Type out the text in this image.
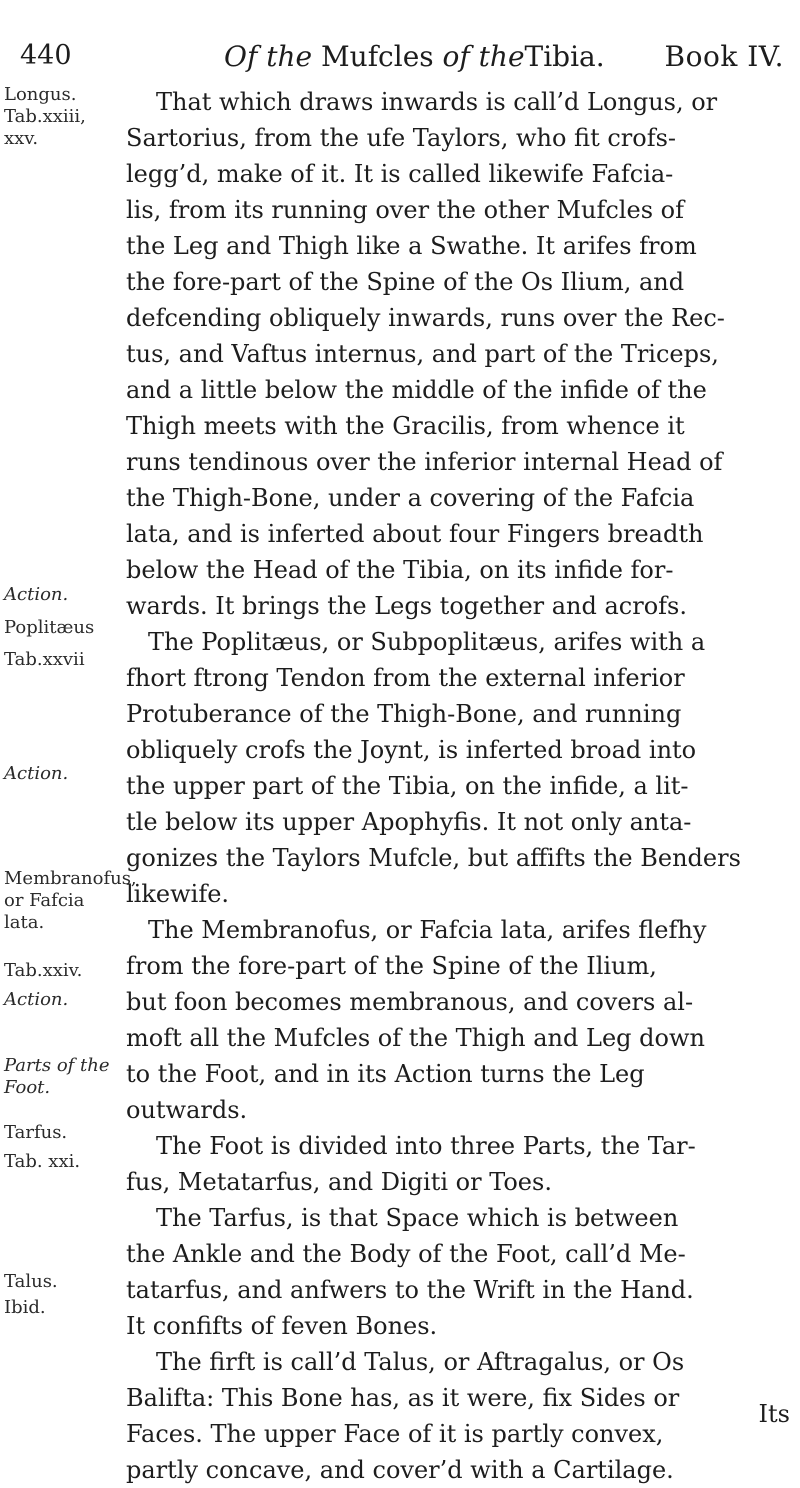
440	Of the Mufcles of theTibia. Book IV.
Longus.
Tab.xxiii, xxv.
Action.
Poplitæus
Tab.xxvii
Action.
Membranofus, or Fafcia lata.
Tab.xxiv.
Action.
Parts of the Foot.
Tarfus.
Tab. xxi.
Talus.
Ibid.
That which draws inwards is call’d Longus, or
Sartorius, from the ufe Taylors, who fit crofs-
legg’d, make of it. It is called likewife Fafcia-
lis, from its running over the other Mufcles of
the Leg and Thigh like a Swathe. It arifes from
the fore-part of the Spine of the Os Ilium, and
defcending obliquely inwards, runs over the Rec-
tus, and Vaftus internus, and part of the Triceps,
and a little below the middle of the infide of the
Thigh meets with the Gracilis, from whence it
runs tendinous over the inferior internal Head of
the Thigh-Bone, under a covering of the Fafcia
lata, and is inferted about four Fingers breadth
below the Head of the Tibia, on its infide for-
wards. It brings the Legs together and acrofs.
The Poplitæus, or Subpoplitæus, arifes with a
fhort ftrong Tendon from the external inferior
Protuberance of the Thigh-Bone, and running
obliquely crofs the Joynt, is inferted broad into
the upper part of the Tibia, on the infide, a lit-
tle below its upper Apophyfis. It not only anta-
gonizes the Taylors Mufcle, but affifts the Benders
likewife.
The Membranofus, or Fafcia lata, arifes flefhy
from the fore-part of the Spine of the Ilium,
but foon becomes membranous, and covers al-
moft all the Mufcles of the Thigh and Leg down
to the Foot, and in its Action turns the Leg
outwards.
The Foot is divided into three Parts, the Tar-
fus, Metatarfus, and Digiti or Toes.
The Tarfus, is that Space which is between
the Ankle and the Body of the Foot, call’d Me-
tatarfus, and anfwers to the Wrift in the Hand.
It confifts of feven Bones.
The firft is call’d Talus, or Aftragalus, or Os
Balifta: This Bone has, as it were, fix Sides or
Faces. The upper Face of it is partly convex,
partly concave, and cover’d with a Cartilage.
Its
